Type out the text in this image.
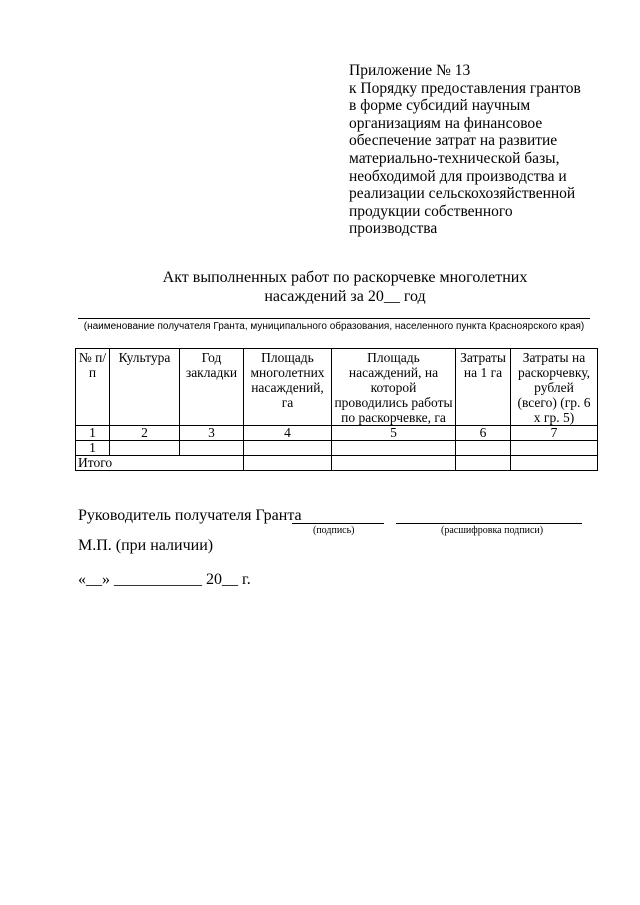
Приложение № 13
к Порядку предоставления грантов
в форме субсидий научным
организациям на финансовое
обеспечение затрат на развитие
материально-технической базы,
необходимой для производства и
реализации сельскохозяйственной
продукции собственного
производства
Акт выполненных работ по раскорчевке многолетних
насаждений за 20__ год
(наименование получателя Гранта, муниципального образования, населенного пункта Красноярского края)
№ п/п	Культура	Год закладки	Площадь многолетних насаждений, га	Площадь насаждений, на которой проводились работы по раскорчевке, га	Затраты на 1 га	Затраты на раскорчевку, рублей (всего) (гр. 6 х гр. 5)
1	2	3	4	5	6	7
1						
Итого						
Руководитель получателя Гранта
(подпись)	(расшифровка подписи)
М.П. (при наличии)
«__» ___________ 20__ г.
